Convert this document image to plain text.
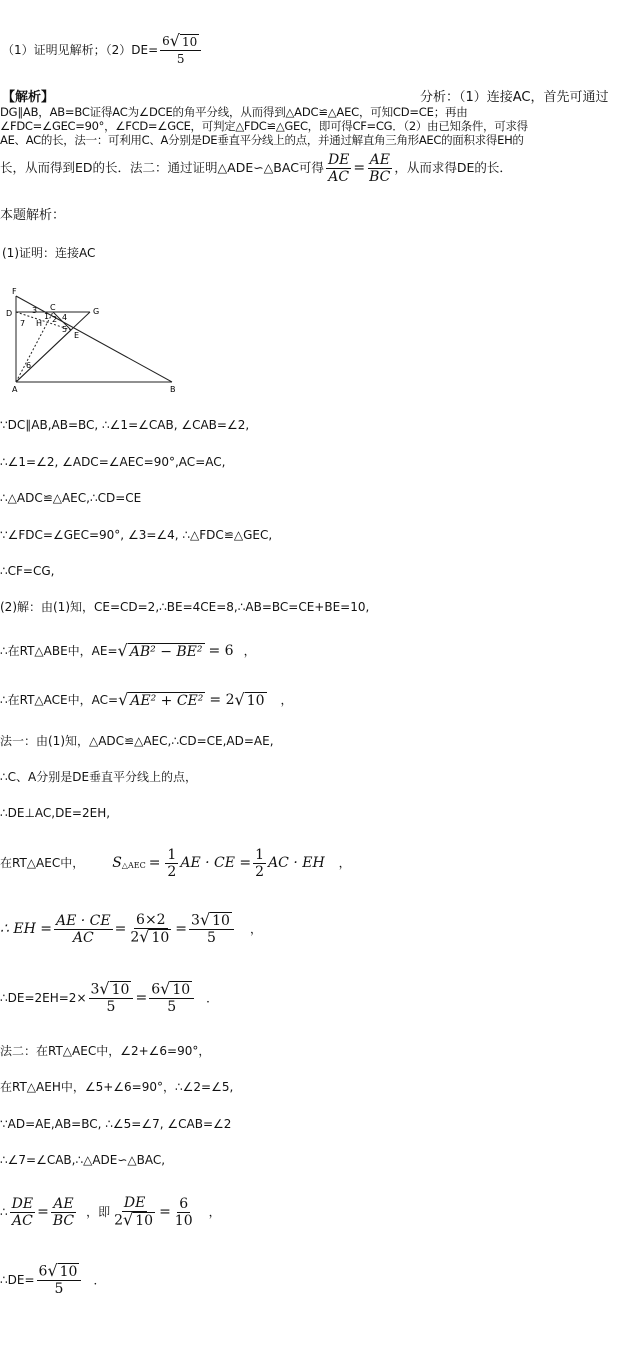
（1）证明见解析；$(2)DE= \frac{6√ 10}{5}$
【解析】	分析：（1）连接AC，首先可通过
DG∥AB，AB=BC证得AC为∠DCE的角平分线，从而得到△ADC≌△AEC，可知CD=CE；再由
∠FDC=∠GEC=90°，∠FCD=∠GCE，可判定△FDC≌△GEC，即可得CF=CG．（2）由已知条件，可求得
AE、AC的长，法一：可利用C、A分别是DE垂直平分线上的点，并通过解直角三角形AEC的面积求得EH的
长，从而得到ED的长．法二：通过证明△ADE∽△BAC可得 $\frac{DE}{AC} = \frac{AE}{BC}$ ，从而求得DE的长．
本题解析：
(1)证明：连接AC
F
D
C	G
H
E
A	B
1 2
3
4
5
6
7
∵DC∥AB,AB=BC, ∴∠1=∠CAB, ∠CAB=∠2,
∴∠1=∠2, ∠ADC=∠AEC=90°,AC=AC,
∴△ADC≌△AEC,∴CD=CE
∵∠FDC=∠GEC=90°, ∠3=∠4, ∴△FDC≌△GEC,
∴CF=CG,
(2)解：由(1)知，CE=CD=2,∴BE=4CE=8,∴AB=BC=CE+BE=10,
∴在RT△ABE中，AE= √ AB² − BE² = 6 ，
∴在RT△ACE中，AC= √ AE² + CE² = 2 √ 10 ，
法一：由(1)知，△ADC≌△AEC,∴CD=CE,AD=AE,
∴C、A分别是DE垂直平分线上的点，
∴DE⊥AC,DE=2EH,
在RT△AEC中， S △AEC = $\frac{1}{2}$ AE · CE = $\frac{1}{2}$ AC · EH ，
∴ EH = $\frac{AE \cdot CE}{AC} = \frac{6\times 2}{2√ 10} = \frac{3√ 10}{5}$ ，
∴DE=2EH=2× $\frac{3√ 10}{5} = \frac{6√ 10}{5}$ ．
法二：在RT△AEC中，∠2+∠6=90°，
在RT△AEH中，∠5+∠6=90°，∴∠2=∠5,
∵AD=AE,AB=BC, ∴∠5=∠7, ∠CAB=∠2
∴∠7=∠CAB,∴△ADE∽△BAC,
∴ $\frac{DE}{AC} = \frac{AE}{BC}$ ，即 $\frac{DE}{2√ 10} = \frac{6}{10}$ ，
∴DE= $\frac{6√ 10}{5}$ ．
